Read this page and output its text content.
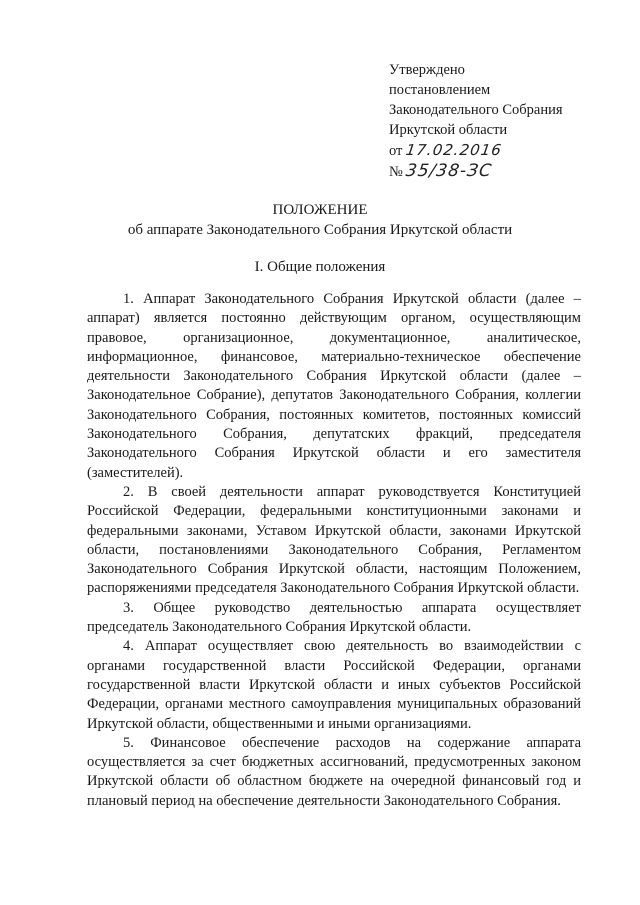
Утверждено
постановлением
Законодательного Собрания
Иркутской области
от 17.02.2016
№ 35/38-ЗС
ПОЛОЖЕНИЕ
об аппарате Законодательного Собрания Иркутской области
I. Общие положения

1. Аппарат Законодательного Собрания Иркутской области (далее – аппарат) является постоянно действующим органом, осуществляющим правовое, организационное, документационное, аналитическое, информационное, финансовое, материально-техническое обеспечение деятельности Законодательного Собрания Иркутской области (далее – Законодательное Собрание), депутатов Законодательного Собрания, коллегии Законодательного Собрания, постоянных комитетов, постоянных комиссий Законодательного Собрания, депутатских фракций, председателя Законодательного Собрания Иркутской области и его заместителя (заместителей).

2. В своей деятельности аппарат руководствуется Конституцией Российской Федерации, федеральными конституционными законами и федеральными законами, Уставом Иркутской области, законами Иркутской области, постановлениями Законодательного Собрания, Регламентом Законодательного Собрания Иркутской области, настоящим Положением, распоряжениями председателя Законодательного Собрания Иркутской области.

3. Общее руководство деятельностью аппарата осуществляет председатель Законодательного Собрания Иркутской области.

4. Аппарат осуществляет свою деятельность во взаимодействии с органами государственной власти Российской Федерации, органами государственной власти Иркутской области и иных субъектов Российской Федерации, органами местного самоуправления муниципальных образований Иркутской области, общественными и иными организациями.

5. Финансовое обеспечение расходов на содержание аппарата осуществляется за счет бюджетных ассигнований, предусмотренных законом Иркутской области об областном бюджете на очередной финансовый год и плановый период на обеспечение деятельности Законодательного Собрания.
